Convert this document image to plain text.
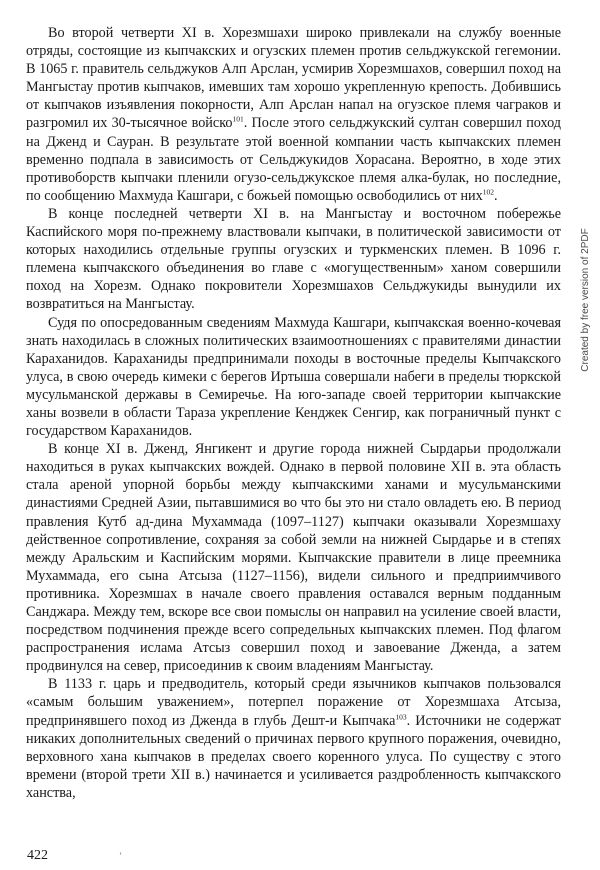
Во второй четверти XI в. Хорезмшахи широко привлекали на службу военные отряды, состоящие из кыпчакских и огузских племен против сельджукской гегемонии. В 1065 г. правитель сельджуков Алп Арслан, усмирив Хорезмшахов, совершил поход на Мангыстау против кыпчаков, имевших там хорошо укрепленную крепость. Добившись от кыпчаков изъявления покорности, Алп Арслан напал на огузское племя чаграков и разгромил их 30-тысячное войско$^{101}$. После этого сельджукский султан совершил поход на Дженд и Сауран. В результате этой военной компании часть кыпчакских племен временно подпала в зависимость от Сельджукидов Хорасана. Вероятно, в ходе этих противоборств кыпчаки пленили огузо-сельджукское племя алка-булак, но последние, по сообщению Махмуда Кашгари, с божьей помощью освободились от них$^{102}$.

В конце последней четверти XI в. на Мангыстау и восточном побережье Каспийского моря по-прежнему властвовали кыпчаки, в политической зависимости от которых находились отдельные группы огузских и туркменских племен. В 1096 г. племена кыпчакского объединения во главе с «могущественным» ханом совершили поход на Хорезм. Однако покровители Хорезмшахов Сельджукиды вынудили их возвратиться на Мангыстау.

Судя по опосредованным сведениям Махмуда Кашгари, кыпчакская военно-кочевая знать находилась в сложных политических взаимоотношениях с правителями династии Караханидов. Караханиды предпринимали походы в восточные пределы Кыпчакского улуса, в свою очередь кимеки с берегов Иртыша совершали набеги в пределы тюркской мусульманской державы в Семиречье. На юго-западе своей территории кыпчакские ханы возвели в области Тараза укрепление Кенджек Сенгир, как пограничный пункт с государством Караханидов.

В конце XI в. Дженд, Янгикент и другие города нижней Сырдарьи продолжали находиться в руках кыпчакских вождей. Однако в первой половине XII в. эта область стала ареной упорной борьбы между кыпчакскими ханами и мусульманскими династиями Средней Азии, пытавшимися во что бы это ни стало овладеть ею. В период правления Кутб ад-дина Мухаммада (1097–1127) кыпчаки оказывали Хорезмшаху действенное сопротивление, сохраняя за собой земли на нижней Сырдарье и в степях между Аральским и Каспийским морями. Кыпчакские правители в лице преемника Мухаммада, его сына Атсыза (1127–1156), видели сильного и предприимчивого противника. Хорезмшах в начале своего правления оставался верным подданным Санджара. Между тем, вскоре все свои помыслы он направил на усиление своей власти, посредством подчинения прежде всего сопредельных кыпчакских племен. Под флагом распространения ислама Атсыз совершил поход и завоевание Дженда, а затем продвинулся на север, присоединив к своим владениям Мангыстау.

В 1133 г. царь и предводитель, который среди язычников кыпчаков пользовался «самым большим уважением», потерпел поражение от Хорезмшаха Атсыза, предпринявшего поход из Дженда в глубь Дешт-и Кыпчака$^{103}$. Источники не содержат никаких дополнительных сведений о причинах первого крупного поражения, очевидно, верховного хана кыпчаков в пределах своего коренного улуса. По существу с этого времени (второй трети XII в.) начинается и усиливается раздробленность кыпчакского ханства,

Created by free version of 2PDF
422	ʼ
